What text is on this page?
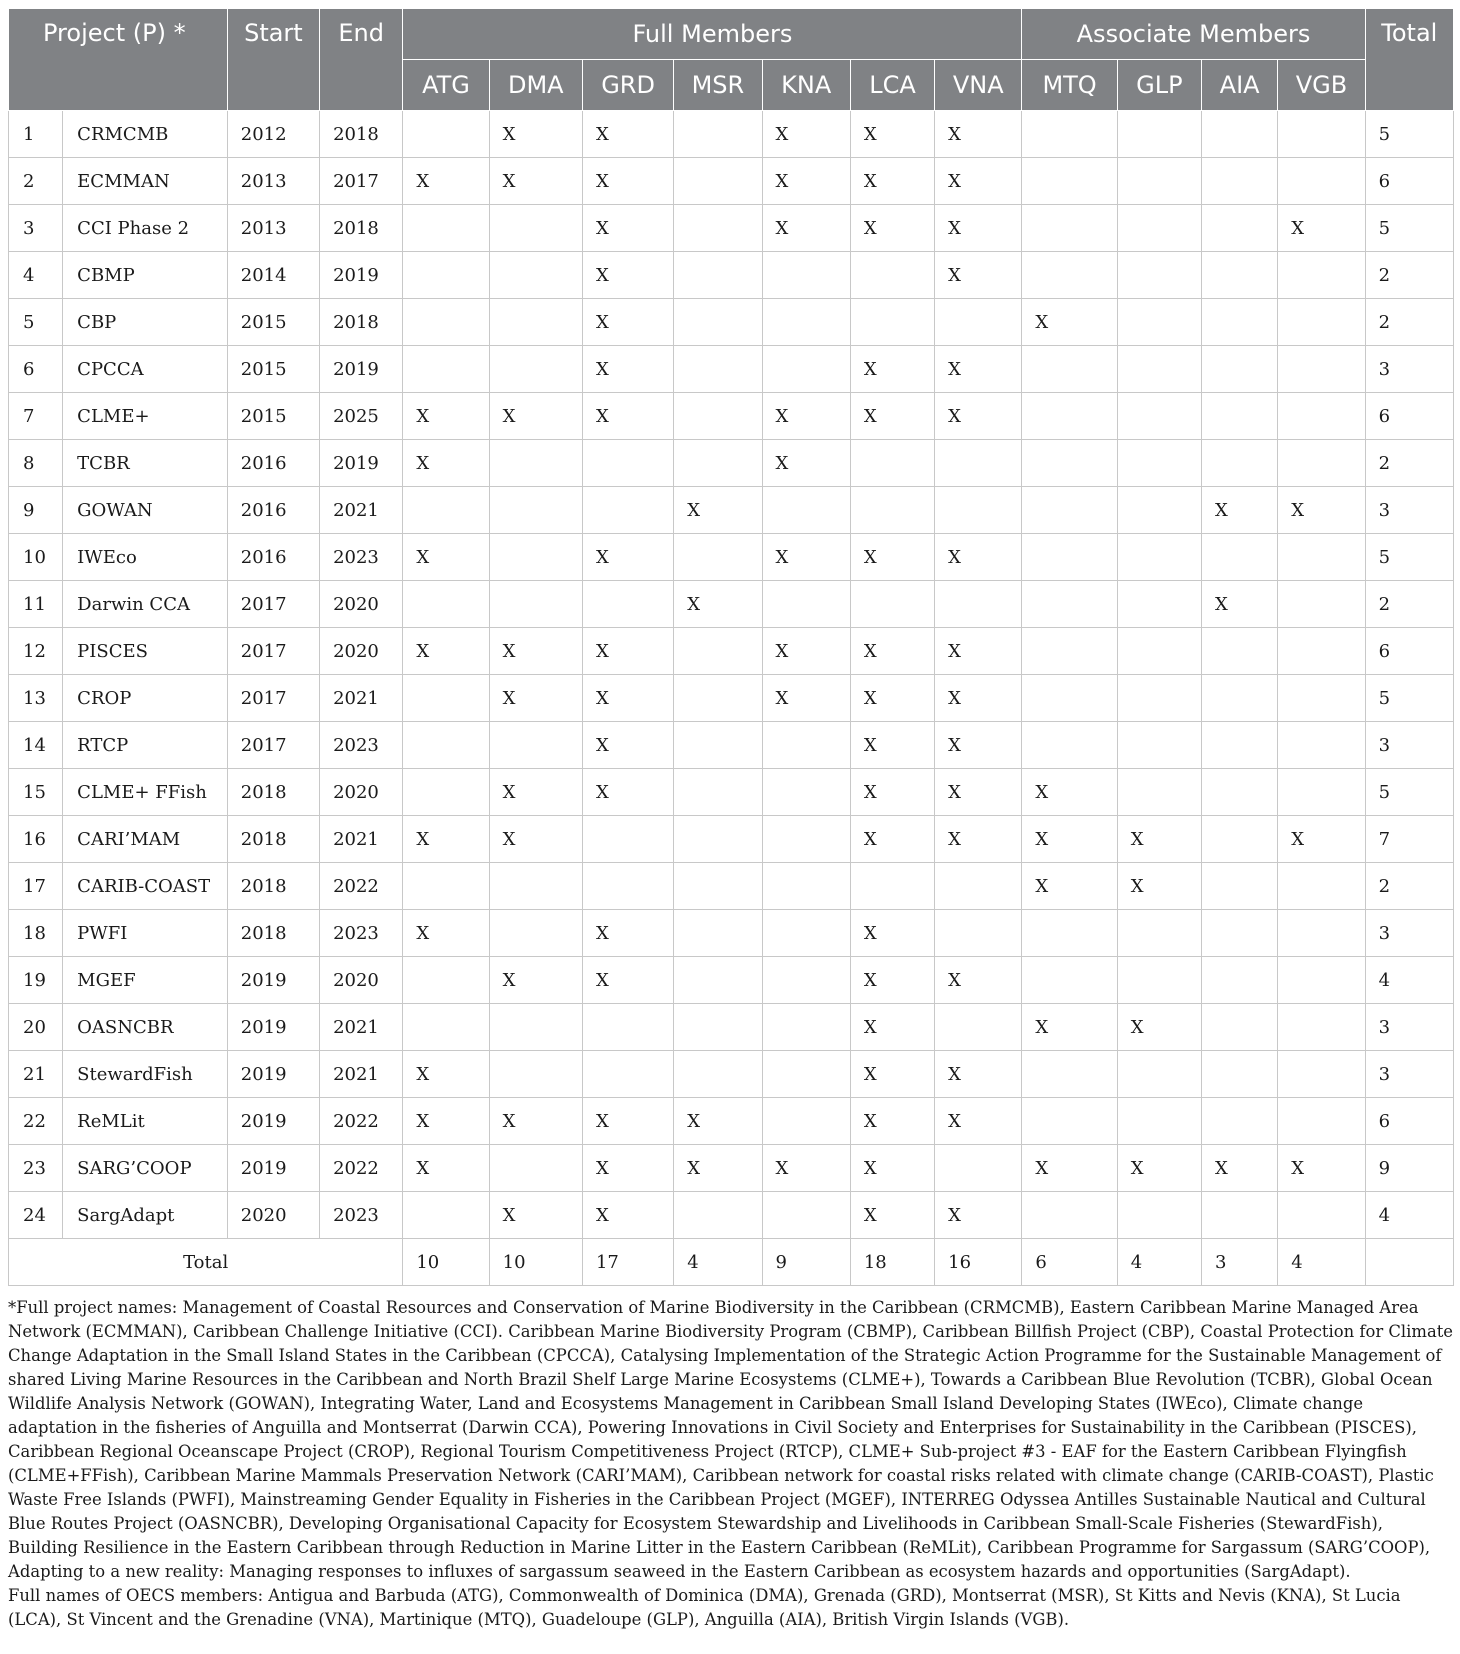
Project (P) *		Start	End	Full Members							Associate Members				Total
				ATG	DMA	GRD	MSR	KNA	LCA	VNA	MTQ	GLP	AIA	VGB	
1	CRMCMB	2012	2018		X	X		X	X	X					5
2	ECMMAN	2013	2017	X	X	X		X	X	X					6
3	CCI Phase 2	2013	2018			X		X	X	X				X	5
4	CBMP	2014	2019			X				X					2
5	CBP	2015	2018			X					X				2
6	CPCCA	2015	2019			X			X	X					3
7	CLME+	2015	2025	X	X	X		X	X	X					6
8	TCBR	2016	2019	X				X							2
9	GOWAN	2016	2021				X						X	X	3
10	IWEco	2016	2023	X		X		X	X	X					5
11	Darwin CCA	2017	2020				X						X		2
12	PISCES	2017	2020	X	X	X		X	X	X					6
13	CROP	2017	2021		X	X		X	X	X					5
14	RTCP	2017	2023			X			X	X					3
15	CLME+ FFish	2018	2020		X	X			X	X	X				5
16	CARI’MAM	2018	2021	X	X				X	X	X	X		X	7
17	CARIB-COAST	2018	2022								X	X			2
18	PWFI	2018	2023	X		X			X						3
19	MGEF	2019	2020		X	X			X	X					4
20	OASNCBR	2019	2021						X		X	X			3
21	StewardFish	2019	2021	X					X	X					3
22	ReMLit	2019	2022	X	X	X	X		X	X					6
23	SARG’COOP	2019	2022	X		X	X	X	X		X	X	X	X	9
24	SargAdapt	2020	2023		X	X			X	X					4
Total				10	10	17	4	9	18	16	6	4	3	4	

*Full project names: Management of Coastal Resources and Conservation of Marine Biodiversity in the Caribbean (CRMCMB), Eastern Caribbean Marine Managed Area Network (ECMMAN), Caribbean Challenge Initiative (CCI). Caribbean Marine Biodiversity Program (CBMP), Caribbean Billfish Project (CBP), Coastal Protection for Climate Change Adaptation in the Small Island States in the Caribbean (CPCCA), Catalysing Implementation of the Strategic Action Programme for the Sustainable Management of shared Living Marine Resources in the Caribbean and North Brazil Shelf Large Marine Ecosystems (CLME+), Towards a Caribbean Blue Revolution (TCBR), Global Ocean Wildlife Analysis Network (GOWAN), Integrating Water, Land and Ecosystems Management in Caribbean Small Island Developing States (IWEco), Climate change adaptation in the fisheries of Anguilla and Montserrat (Darwin CCA), Powering Innovations in Civil Society and Enterprises for Sustainability in the Caribbean (PISCES), Caribbean Regional Oceanscape Project (CROP), Regional Tourism Competitiveness Project (RTCP), CLME+ Sub-project #3 - EAF for the Eastern Caribbean Flyingfish (CLME+FFish), Caribbean Marine Mammals Preservation Network (CARI’MAM), Caribbean network for coastal risks related with climate change (CARIB-COAST), Plastic Waste Free Islands (PWFI), Mainstreaming Gender Equality in Fisheries in the Caribbean Project (MGEF), INTERREG Odyssea Antilles Sustainable Nautical and Cultural Blue Routes Project (OASNCBR), Developing Organisational Capacity for Ecosystem Stewardship and Livelihoods in Caribbean Small-Scale Fisheries (StewardFish), Building Resilience in the Eastern Caribbean through Reduction in Marine Litter in the Eastern Caribbean (ReMLit), Caribbean Programme for Sargassum (SARG’COOP), Adapting to a new reality: Managing responses to influxes of sargassum seaweed in the Eastern Caribbean as ecosystem hazards and opportunities (SargAdapt).

Full names of OECS members: Antigua and Barbuda (ATG), Commonwealth of Dominica (DMA), Grenada (GRD), Montserrat (MSR), St Kitts and Nevis (KNA), St Lucia (LCA), St Vincent and the Grenadine (VNA), Martinique (MTQ), Guadeloupe (GLP), Anguilla (AIA), British Virgin Islands (VGB).
